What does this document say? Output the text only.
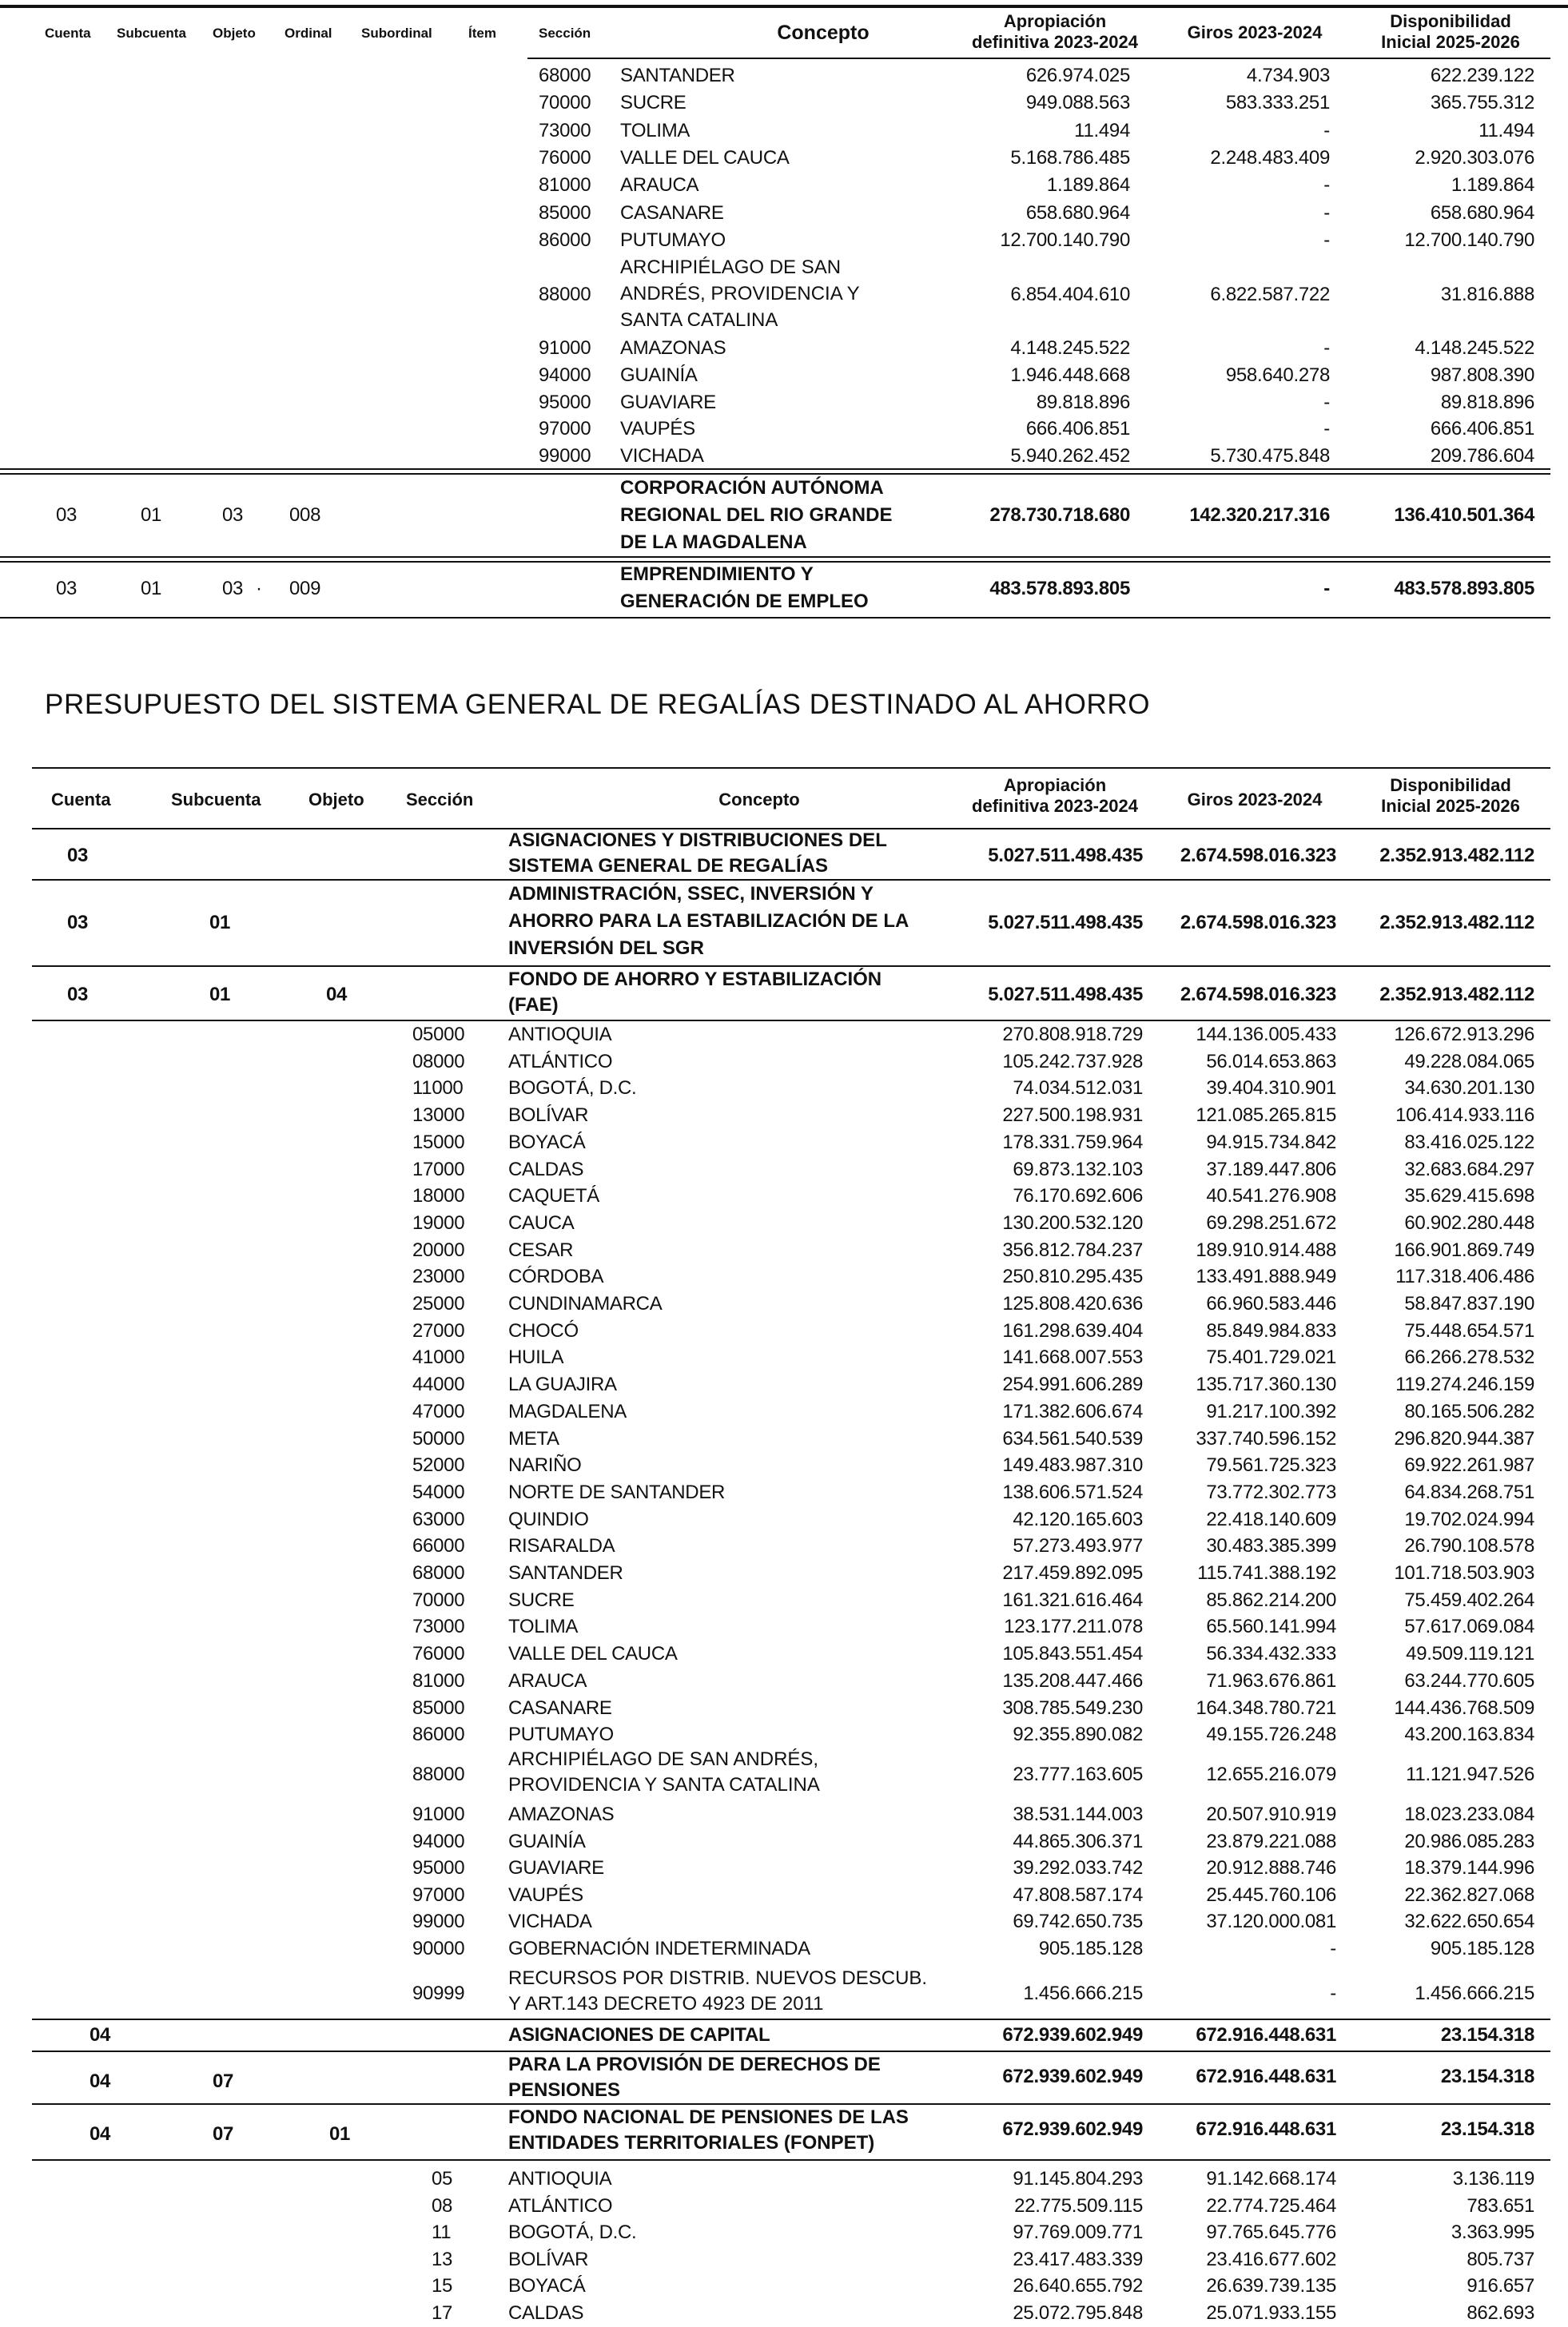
Cuenta Subcuenta Objeto Ordinal Subordinal	Ítem	Sección	Concepto
Apropiación
definitiva 2023-2024	Giros 2023-2024
Disponibilidad
Inicial 2025-2026
68000 SANTANDER	626.974.025	4.734.903	622.239.122
70000 SUCRE	949.088.563	583.333.251	365.755.312
73000 TOLIMA	11.494	-	11.494
76000 VALLE DEL CAUCA	5.168.786.485	2.248.483.409	2.920.303.076
81000 ARAUCA	1.189.864	-	1.189.864
85000 CASANARE	658.680.964	-	658.680.964
86000 PUTUMAYO	12.700.140.790	-	12.700.140.790
88000
ARCHIPIÉLAGO DE SAN
ANDRÉS, PROVIDENCIA Y
SANTA CATALINA
6.854.404.610	6.822.587.722	31.816.888
91000 AMAZONAS	4.148.245.522	-	4.148.245.522
94000 GUAINÍA	1.946.448.668	958.640.278	987.808.390
95000 GUAVIARE	89.818.896	-	89.818.896
97000 VAUPÉS	666.406.851	-	666.406.851
99000 VICHADA	5.940.262.452	5.730.475.848	209.786.604
03	01	03 008
CORPORACIÓN AUTÓNOMA
REGIONAL DEL RIO GRANDE
DE LA MAGDALENA
278.730.718.680	142.320.217.316	136.410.501.364
03	01	03 · 009
EMPRENDIMIENTO Y
GENERACIÓN DE EMPLEO
483.578.893.805	-	483.578.893.805
PRESUPUESTO DEL SISTEMA GENERAL DE REGALÍAS DESTINADO AL AHORRO
Cuenta	Subcuenta	Objeto Sección	Concepto
Apropiación
definitiva 2023-2024	Giros 2023-2024
Disponibilidad
Inicial 2025-2026
03
ASIGNACIONES Y DISTRIBUCIONES DEL
SISTEMA GENERAL DE REGALÍAS	5.027.511.498.435	2.674.598.016.323	2.352.913.482.112
03	01
ADMINISTRACIÓN, SSEC, INVERSIÓN Y
AHORRO PARA LA ESTABILIZACIÓN DE LA
INVERSIÓN DEL SGR
5.027.511.498.435	2.674.598.016.323	2.352.913.482.112
03	01	04
FONDO DE AHORRO Y ESTABILIZACIÓN
(FAE)	5.027.511.498.435	2.674.598.016.323	2.352.913.482.112
05000 ANTIOQUIA	270.808.918.729	144.136.005.433	126.672.913.296
08000 ATLÁNTICO	105.242.737.928	56.014.653.863	49.228.084.065
11000 BOGOTÁ, D.C.	74.034.512.031	39.404.310.901	34.630.201.130
13000 BOLÍVAR	227.500.198.931	121.085.265.815	106.414.933.116
15000 BOYACÁ	178.331.759.964	94.915.734.842	83.416.025.122
17000 CALDAS	69.873.132.103	37.189.447.806	32.683.684.297
18000 CAQUETÁ	76.170.692.606	40.541.276.908	35.629.415.698
19000 CAUCA	130.200.532.120	69.298.251.672	60.902.280.448
20000 CESAR	356.812.784.237	189.910.914.488	166.901.869.749
23000 CÓRDOBA	250.810.295.435	133.491.888.949	117.318.406.486
25000 CUNDINAMARCA	125.808.420.636	66.960.583.446	58.847.837.190
27000 CHOCÓ	161.298.639.404	85.849.984.833	75.448.654.571
41000 HUILA	141.668.007.553	75.401.729.021	66.266.278.532
44000 LA GUAJIRA	254.991.606.289	135.717.360.130	119.274.246.159
47000 MAGDALENA	171.382.606.674	91.217.100.392	80.165.506.282
50000 META	634.561.540.539	337.740.596.152	296.820.944.387
52000 NARIÑO	149.483.987.310	79.561.725.323	69.922.261.987
54000 NORTE DE SANTANDER	138.606.571.524	73.772.302.773	64.834.268.751
63000 QUINDIO	42.120.165.603	22.418.140.609	19.702.024.994
66000 RISARALDA	57.273.493.977	30.483.385.399	26.790.108.578
68000 SANTANDER	217.459.892.095	115.741.388.192	101.718.503.903
70000 SUCRE	161.321.616.464	85.862.214.200	75.459.402.264
73000 TOLIMA	123.177.211.078	65.560.141.994	57.617.069.084
76000 VALLE DEL CAUCA	105.843.551.454	56.334.432.333	49.509.119.121
81000 ARAUCA	135.208.447.466	71.963.676.861	63.244.770.605
85000 CASANARE	308.785.549.230	164.348.780.721	144.436.768.509
86000 PUTUMAYO	92.355.890.082	49.155.726.248	43.200.163.834
88000
ARCHIPIÉLAGO DE SAN ANDRÉS,
PROVIDENCIA Y SANTA CATALINA	23.777.163.605	12.655.216.079	11.121.947.526
91000 AMAZONAS	38.531.144.003	20.507.910.919	18.023.233.084
94000 GUAINÍA	44.865.306.371	23.879.221.088	20.986.085.283
95000 GUAVIARE	39.292.033.742	20.912.888.746	18.379.144.996
97000 VAUPÉS	47.808.587.174	25.445.760.106	22.362.827.068
99000 VICHADA	69.742.650.735	37.120.000.081	32.622.650.654
90000 GOBERNACIÓN INDETERMINADA	905.185.128	-	905.185.128
90999
RECURSOS POR DISTRIB. NUEVOS DESCUB.
Y ART.143 DECRETO 4923 DE 2011	1.456.666.215	-	1.456.666.215
04	ASIGNACIONES DE CAPITAL	672.939.602.949	672.916.448.631	23.154.318
04	07
PARA LA PROVISIÓN DE DERECHOS DE
PENSIONES
672.939.602.949	672.916.448.631	23.154.318
04	07	01
FONDO NACIONAL DE PENSIONES DE LAS
ENTIDADES TERRITORIALES (FONPET)
672.939.602.949	672.916.448.631	23.154.318
05	ANTIOQUIA	91.145.804.293	91.142.668.174	3.136.119
08	ATLÁNTICO	22.775.509.115	22.774.725.464	783.651
11	BOGOTÁ, D.C.	97.769.009.771	97.765.645.776	3.363.995
13	BOLÍVAR	23.417.483.339	23.416.677.602	805.737
15	BOYACÁ	26.640.655.792	26.639.739.135	916.657
17	CALDAS	25.072.795.848	25.071.933.155	862.693
